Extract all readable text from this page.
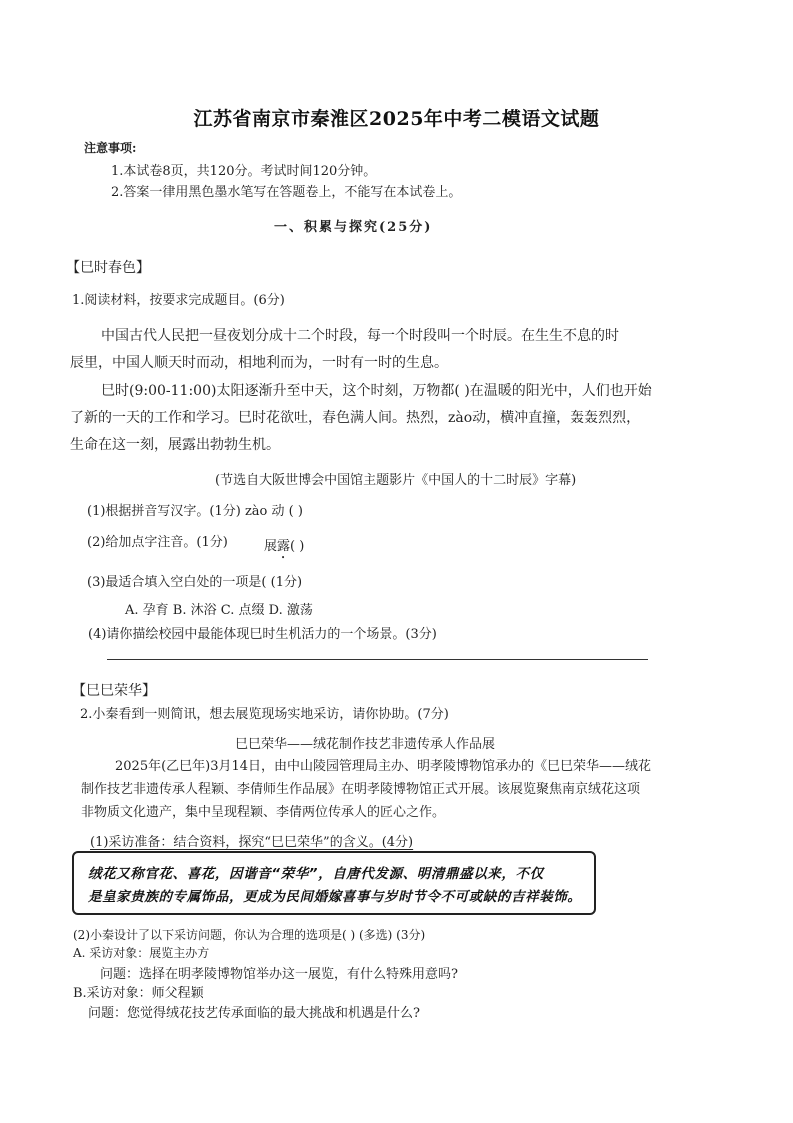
江苏省南京市秦淮区2025年中考二模语文试题
注意事项:
1.本试卷8页，共120分。考试时间120分钟。
2.答案一律用黑色墨水笔写在答题卷上，不能写在本试卷上。
一、积累与探究(25分)
【巳时春色】
1.阅读材料，按要求完成题目。(6分)
中国古代人民把一昼夜划分成十二个时段，每一个时段叫一个时辰。在生生不息的时
辰里，中国人顺天时而动，相地利而为，一时有一时的生息。
巳时(9:00-11:00)太阳逐渐升至中天，这个时刻，万物都( )在温暖的阳光中，人们也开始
了新的一天的工作和学习。巳时花欲吐，春色满人间。热烈，zào动，横冲直撞，轰轰烈烈，
生命在这一刻，展露出勃勃生机。
(节选自大阪世博会中国馆主题影片《中国人的十二时辰》字幕)
(1)根据拼音写汉字。(1分) zào 动 ( )
(2)给加点字注音。(1分)	展露( )
(3)最适合填入空白处的一项是( (1分)
A. 孕育 B. 沐浴 C. 点缀 D. 激荡
(4)请你描绘校园中最能体现巳时生机活力的一个场景。(3分)
【巳巳荣华】
2.小秦看到一则简讯，想去展览现场实地采访，请你协助。(7分)
巳巳荣华——绒花制作技艺非遗传承人作品展
2025年(乙巳年)3月14日，由中山陵园管理局主办、明孝陵博物馆承办的《巳巳荣华——绒花
制作技艺非遗传承人程颖、李倩师生作品展》在明孝陵博物馆正式开展。该展览聚焦南京绒花这项
非物质文化遗产，集中呈现程颖、李倩两位传承人的匠心之作。
(1)采访准备：结合资料，探究“巳巳荣华”的含义。(4分)
绒花又称官花、喜花，因谐音“荣华”，自唐代发源、明清鼎盛以来，不仅
是皇家贵族的专属饰品，更成为民间婚嫁喜事与岁时节令不可或缺的吉祥装饰。
(2)小秦设计了以下采访问题，你认为合理的选项是( ) (多选) (3分)
A. 采访对象：展览主办方
问题：选择在明孝陵博物馆举办这一展览，有什么特殊用意吗?
B.采访对象：师父程颖
问题：您觉得绒花技艺传承面临的最大挑战和机遇是什么?
